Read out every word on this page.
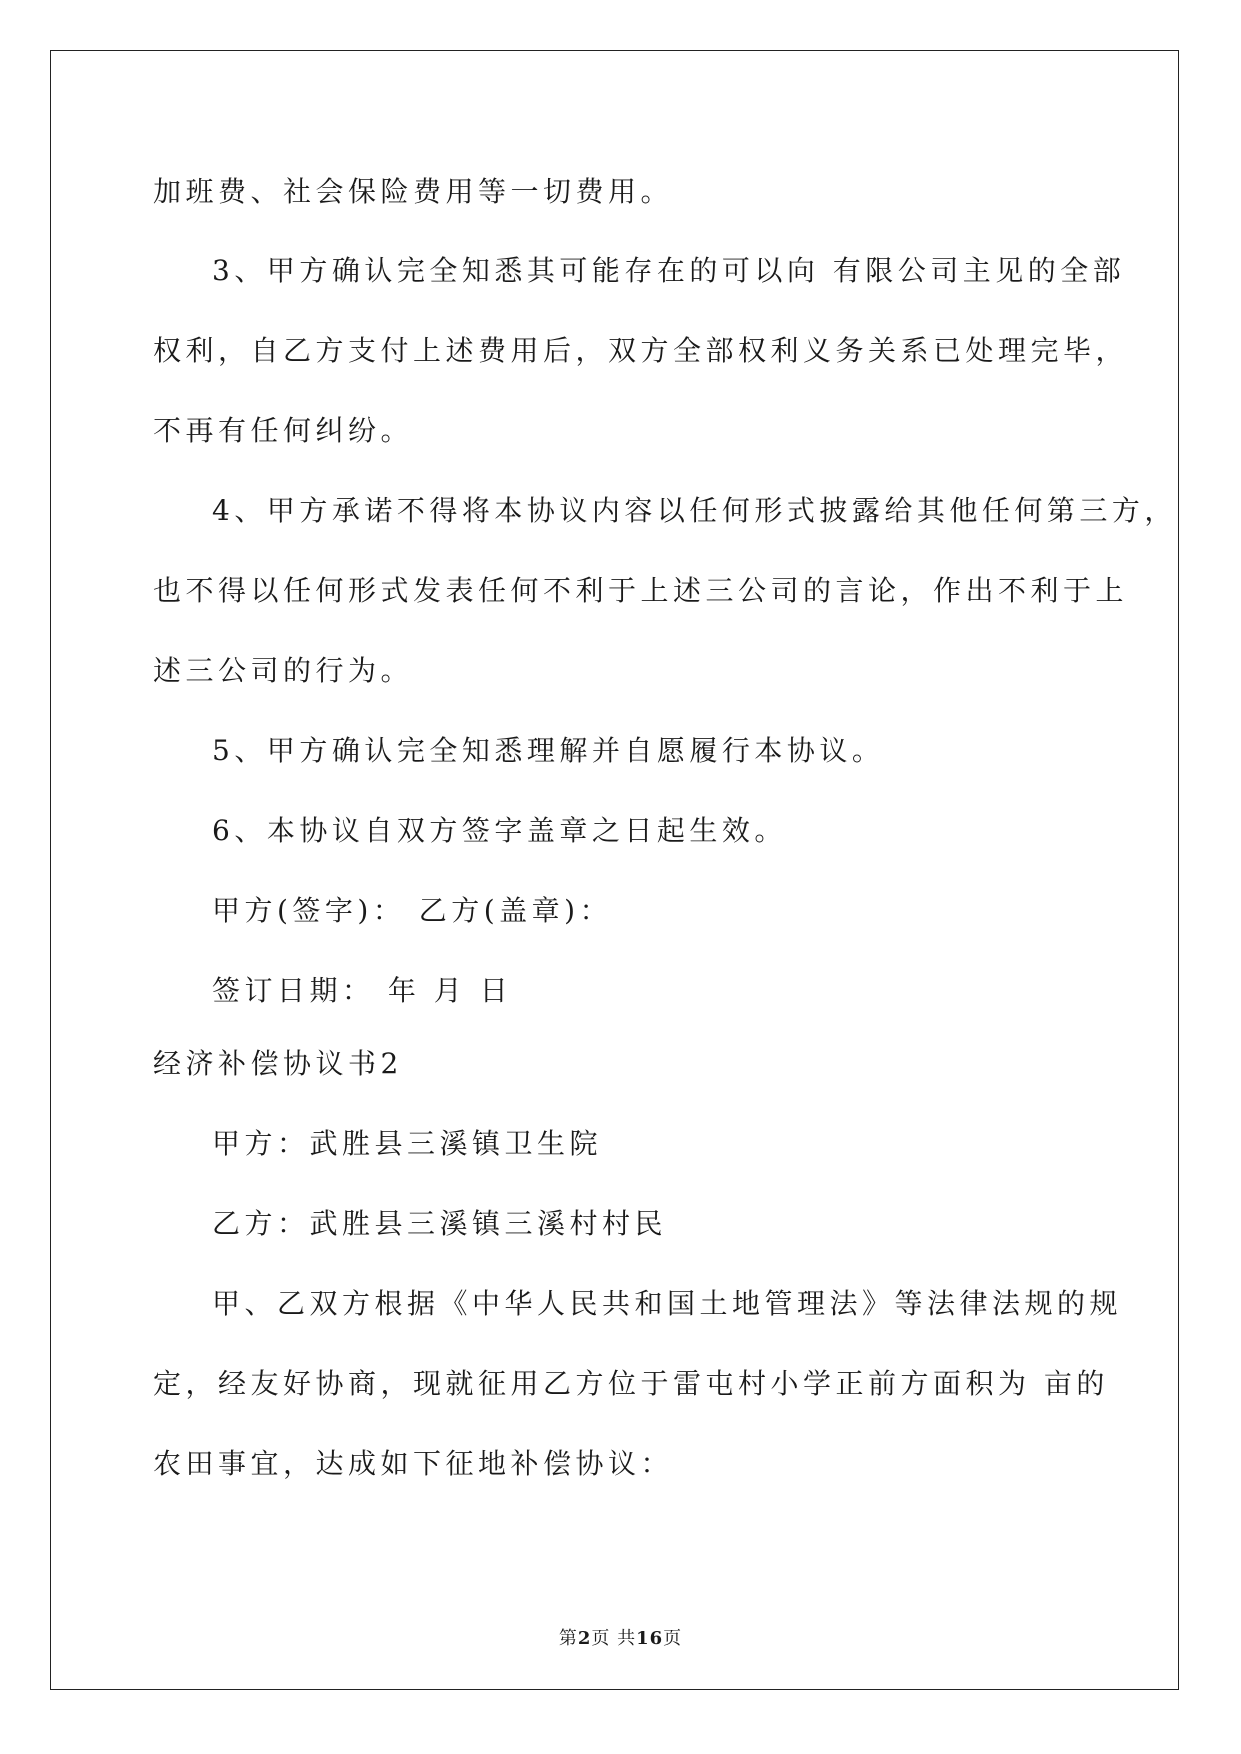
加班费、社会保险费用等一切费用。
3、甲方确认完全知悉其可能存在的可以向 有限公司主见的全部
权利，自乙方支付上述费用后，双方全部权利义务关系已处理完毕，
不再有任何纠纷。
4、甲方承诺不得将本协议内容以任何形式披露给其他任何第三方，
也不得以任何形式发表任何不利于上述三公司的言论，作出不利于上
述三公司的行为。
5、甲方确认完全知悉理解并自愿履行本协议。
6、本协议自双方签字盖章之日起生效。
甲方(签字)： 乙方(盖章)：
签订日期： 年 月 日
经济补偿协议书2
甲方：武胜县三溪镇卫生院
乙方：武胜县三溪镇三溪村村民
甲、乙双方根据《中华人民共和国土地管理法》等法律法规的规
定，经友好协商，现就征用乙方位于雷屯村小学正前方面积为 亩的
农田事宜，达成如下征地补偿协议：
第2页 共16页
